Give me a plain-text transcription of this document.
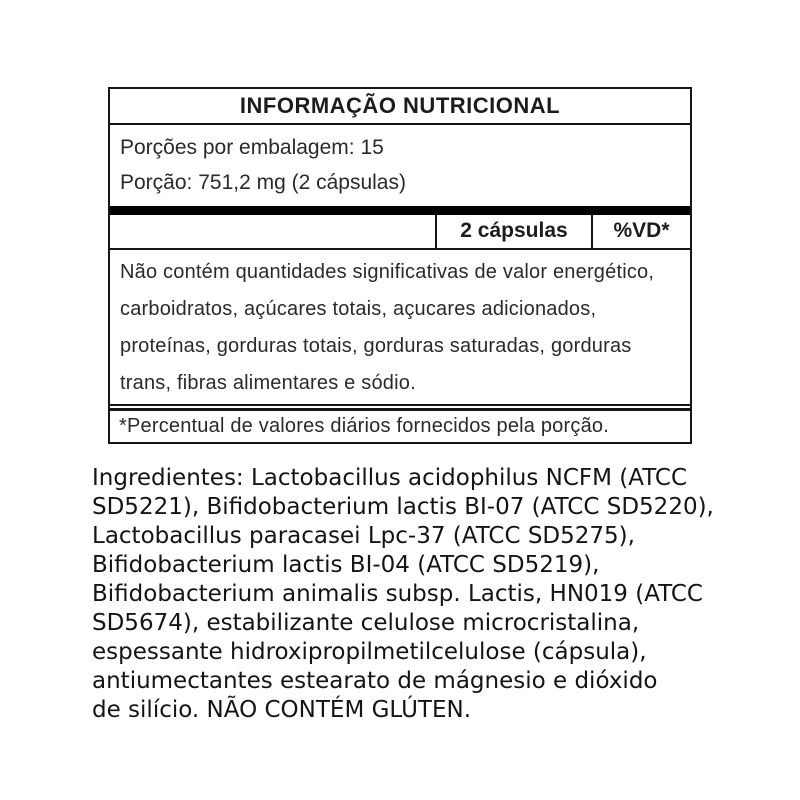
INFORMAÇÃO NUTRICIONAL
Porções por embalagem: 15
Porção: 751,2 mg (2 cápsulas)
2 cápsulas	%VD*
Não contém quantidades significativas de valor energético,
carboidratos, açúcares totais, açucares adicionados,
proteínas, gorduras totais, gorduras saturadas, gorduras
trans, fibras alimentares e sódio.
*Percentual de valores diários fornecidos pela porção.
Ingredientes: Lactobacillus acidophilus NCFM (ATCC
SD5221), Bifidobacterium lactis BI-07 (ATCC SD5220),
Lactobacillus paracasei Lpc-37 (ATCC SD5275),
Bifidobacterium lactis BI-04 (ATCC SD5219),
Bifidobacterium animalis subsp. Lactis, HN019 (ATCC
SD5674), estabilizante celulose microcristalina,
espessante hidroxipropilmetilcelulose (cápsula),
antiumectantes estearato de mágnesio e dióxido
de silício. NÃO CONTÉM GLÚTEN.
